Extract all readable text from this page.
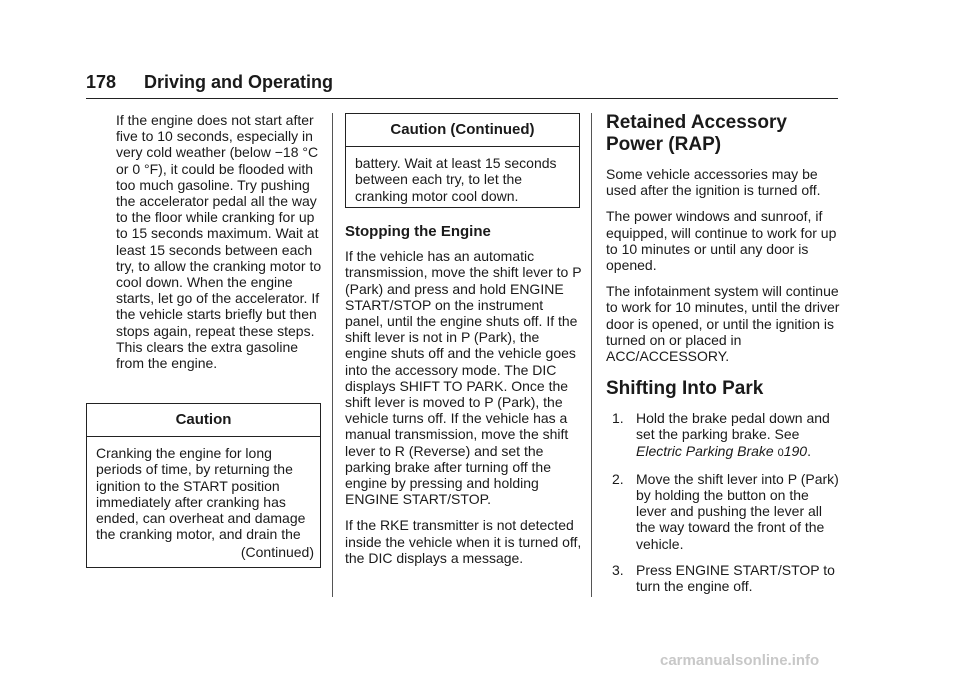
178 Driving and Operating

If the engine does not start after five to 10 seconds, especially in very cold weather (below −18 °C or 0 °F), it could be flooded with too much gasoline. Try pushing the accelerator pedal all the way to the floor while cranking for up to 15 seconds maximum. Wait at least 15 seconds between each try, to allow the cranking motor to cool down. When the engine starts, let go of the accelerator. If the vehicle starts briefly but then stops again, repeat these steps. This clears the extra gasoline from the engine.

Caution
Cranking the engine for long periods of time, by returning the ignition to the START position immediately after cranking has ended, can overheat and damage the cranking motor, and drain the
(Continued)
Caution (Continued)
battery. Wait at least 15 seconds between each try, to let the cranking motor cool down.
Stopping the Engine

If the vehicle has an automatic transmission, move the shift lever to P (Park) and press and hold ENGINE START/STOP on the instrument panel, until the engine shuts off. If the shift lever is not in P (Park), the engine shuts off and the vehicle goes into the accessory mode. The DIC displays SHIFT TO PARK. Once the shift lever is moved to P (Park), the vehicle turns off. If the vehicle has a manual transmission, move the shift lever to R (Reverse) and set the parking brake after turning off the engine by pressing and holding ENGINE START/STOP.

If the RKE transmitter is not detected inside the vehicle when it is turned off, the DIC displays a message.

Retained Accessory Power (RAP)

Some vehicle accessories may be used after the ignition is turned off.

The power windows and sunroof, if equipped, will continue to work for up to 10 minutes or until any door is opened.

The infotainment system will continue to work for 10 minutes, until the driver door is opened, or until the ignition is turned on or placed in ACC/ACCESSORY.

Shifting Into Park
1. Hold the brake pedal down and set the parking brake. See Electric Parking Brake 0190.
2. Move the shift lever into P (Park) by holding the button on the lever and pushing the lever all the way toward the front of the vehicle.
3. Press ENGINE START/STOP to turn the engine off.
carmanualsonline.info
